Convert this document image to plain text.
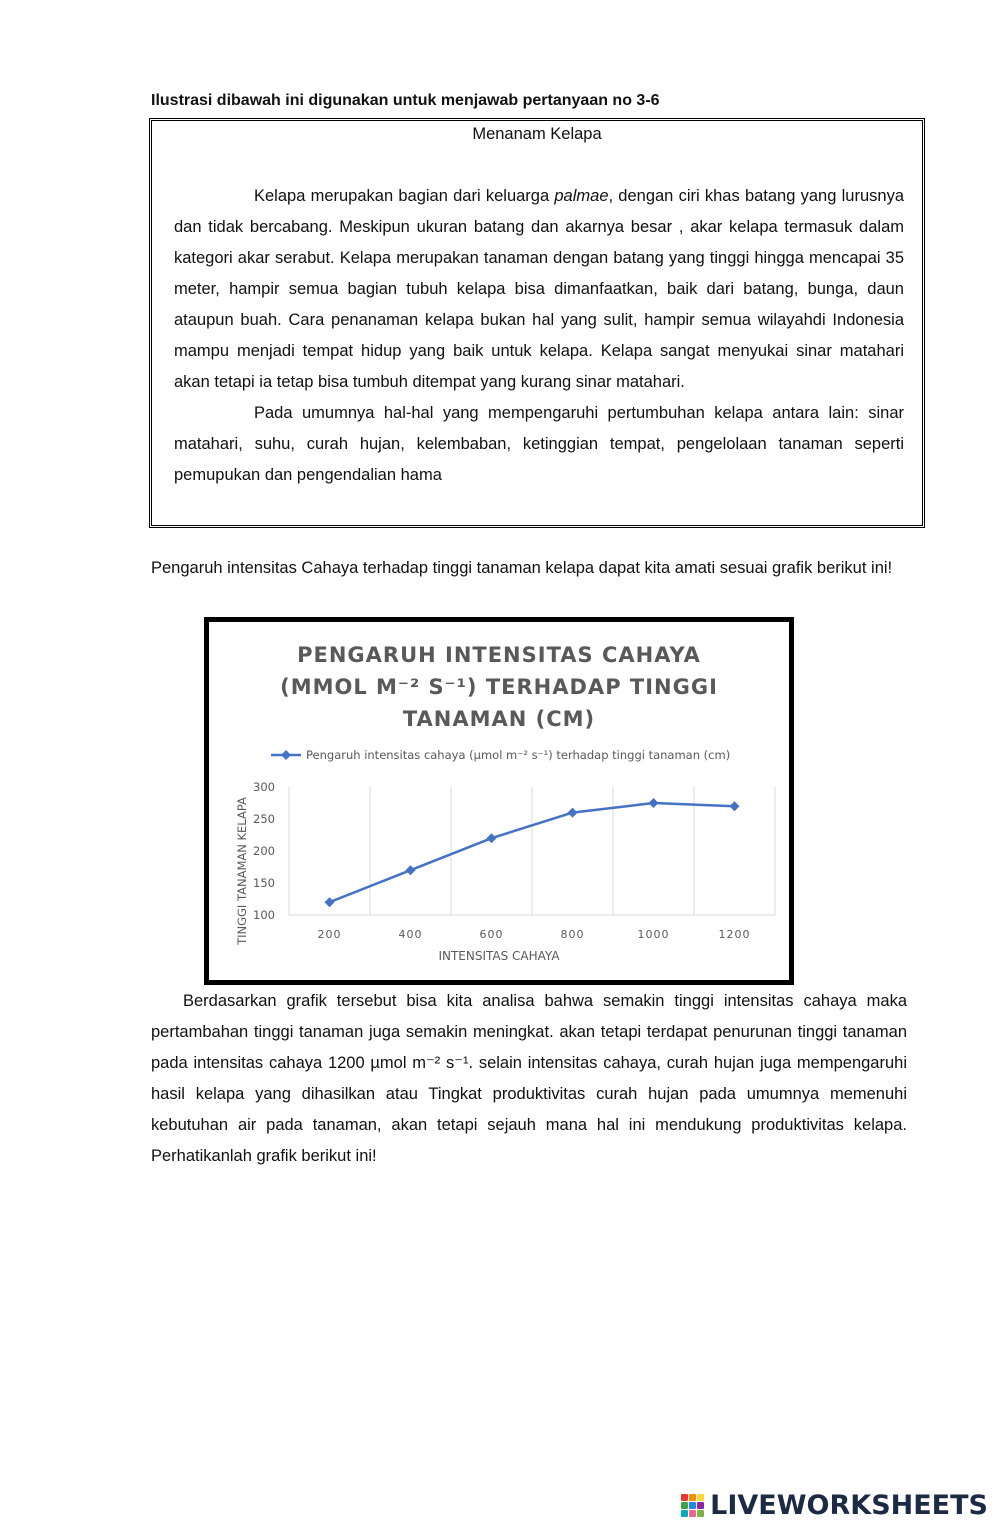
Ilustrasi dibawah ini digunakan untuk menjawab pertanyaan no 3-6
Menanam Kelapa

Kelapa merupakan bagian dari keluarga palmae, dengan ciri khas batang yang lurusnya dan tidak bercabang. Meskipun ukuran batang dan akarnya besar , akar kelapa termasuk dalam kategori akar serabut. Kelapa merupakan tanaman dengan batang yang tinggi hingga mencapai 35 meter, hampir semua bagian tubuh kelapa bisa dimanfaatkan, baik dari batang, bunga, daun ataupun buah. Cara penanaman kelapa bukan hal yang sulit, hampir semua wilayahdi Indonesia mampu menjadi tempat hidup yang baik untuk kelapa. Kelapa sangat menyukai sinar matahari akan tetapi ia tetap bisa tumbuh ditempat yang kurang sinar matahari.

Pada umumnya hal-hal yang mempengaruhi pertumbuhan kelapa antara lain: sinar matahari, suhu, curah hujan, kelembaban, ketinggian tempat, pengelolaan tanaman seperti pemupukan dan pengendalian hama

Pengaruh intensitas Cahaya terhadap tinggi tanaman kelapa dapat kita amati sesuai grafik berikut ini!
PENGARUH INTENSITAS CAHAYA
(MMOL M⁻² S⁻¹) TERHADAP TINGGI
TANAMAN (CM)
Pengaruh intensitas cahaya (µmol m⁻² s⁻¹) terhadap tinggi tanaman (cm)
100
150
200
250
300
200	400	600	800	1000	1200
INTENSITAS CAHAYA
TINGGI TANAMAN KELAPA

Berdasarkan grafik tersebut bisa kita analisa bahwa semakin tinggi intensitas cahaya maka pertambahan tinggi tanaman juga semakin meningkat. akan tetapi terdapat penurunan tinggi tanaman pada intensitas cahaya 1200 µmol m⁻² s⁻¹. selain intensitas cahaya, curah hujan juga mempengaruhi hasil kelapa yang dihasilkan atau Tingkat produktivitas curah hujan pada umumnya memenuhi kebutuhan air pada tanaman, akan tetapi sejauh mana hal ini mendukung produktivitas kelapa. Perhatikanlah grafik berikut ini!

LIVEWORKSHEETS
